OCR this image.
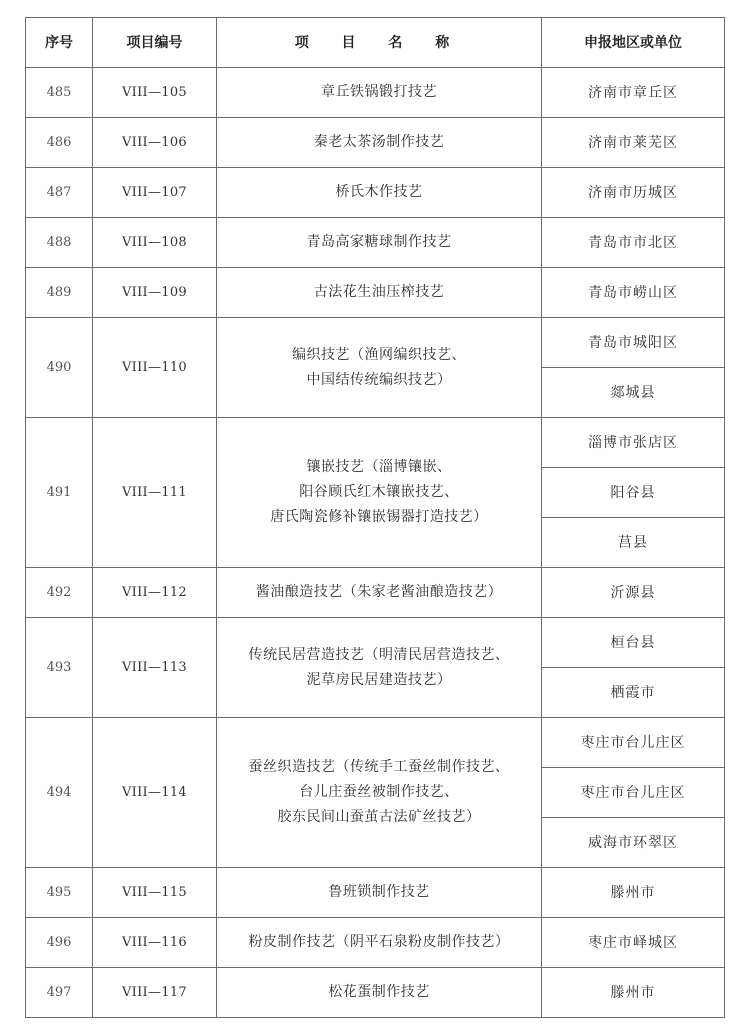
序号	项目编号	项 目 名 称	申报地区或单位
485	VIII—105	章丘铁锅锻打技艺	济南市章丘区
486	VIII—106	秦老太茶汤制作技艺	济南市莱芜区
487	VIII—107	桥氏木作技艺	济南市历城区
488	VIII—108	青岛高家糖球制作技艺	青岛市市北区
489	VIII—109	古法花生油压榨技艺	青岛市崂山区
490	VIII—110	编织技艺（渔网编织技艺、
中国结传统编织技艺）	青岛市城阳区
			郯城县
491	VIII—111	镶嵌技艺（淄博镶嵌、
阳谷顾氏红木镶嵌技艺、
唐氏陶瓷修补镶嵌锡器打造技艺）	淄博市张店区
			阳谷县
			莒县
492	VIII—112	酱油酿造技艺（朱家老酱油酿造技艺）	沂源县
493	VIII—113	传统民居营造技艺（明清民居营造技艺、
泥草房民居建造技艺）	桓台县
			栖霞市
494	VIII—114	蚕丝织造技艺（传统手工蚕丝制作技艺、
台儿庄蚕丝被制作技艺、
胶东民间山蚕茧古法矿丝技艺）	枣庄市台儿庄区
			枣庄市台儿庄区
			威海市环翠区
495	VIII—115	鲁班锁制作技艺	滕州市
496	VIII—116	粉皮制作技艺（阴平石泉粉皮制作技艺）	枣庄市峄城区
497	VIII—117	松花蛋制作技艺	滕州市
